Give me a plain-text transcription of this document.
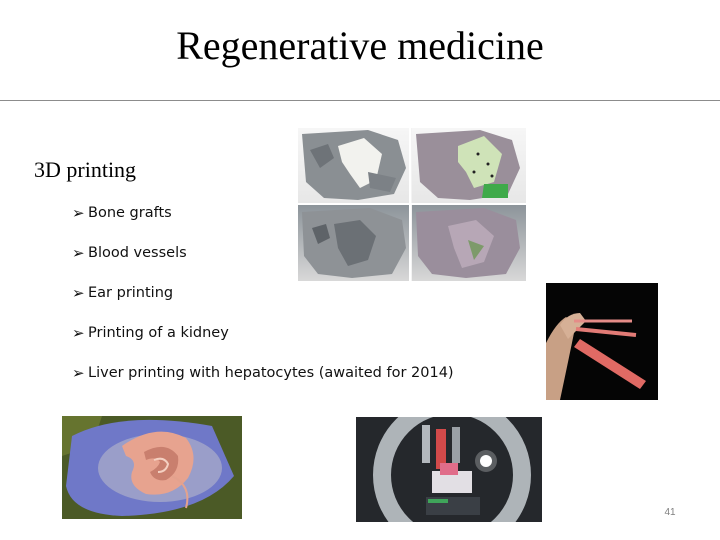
Regenerative medicine
3D printing
➢ Bone grafts
➢ Blood vessels
➢ Ear printing
➢ Printing of a kidney
➢ Liver printing with hepatocytes (awaited for 2014)
41
